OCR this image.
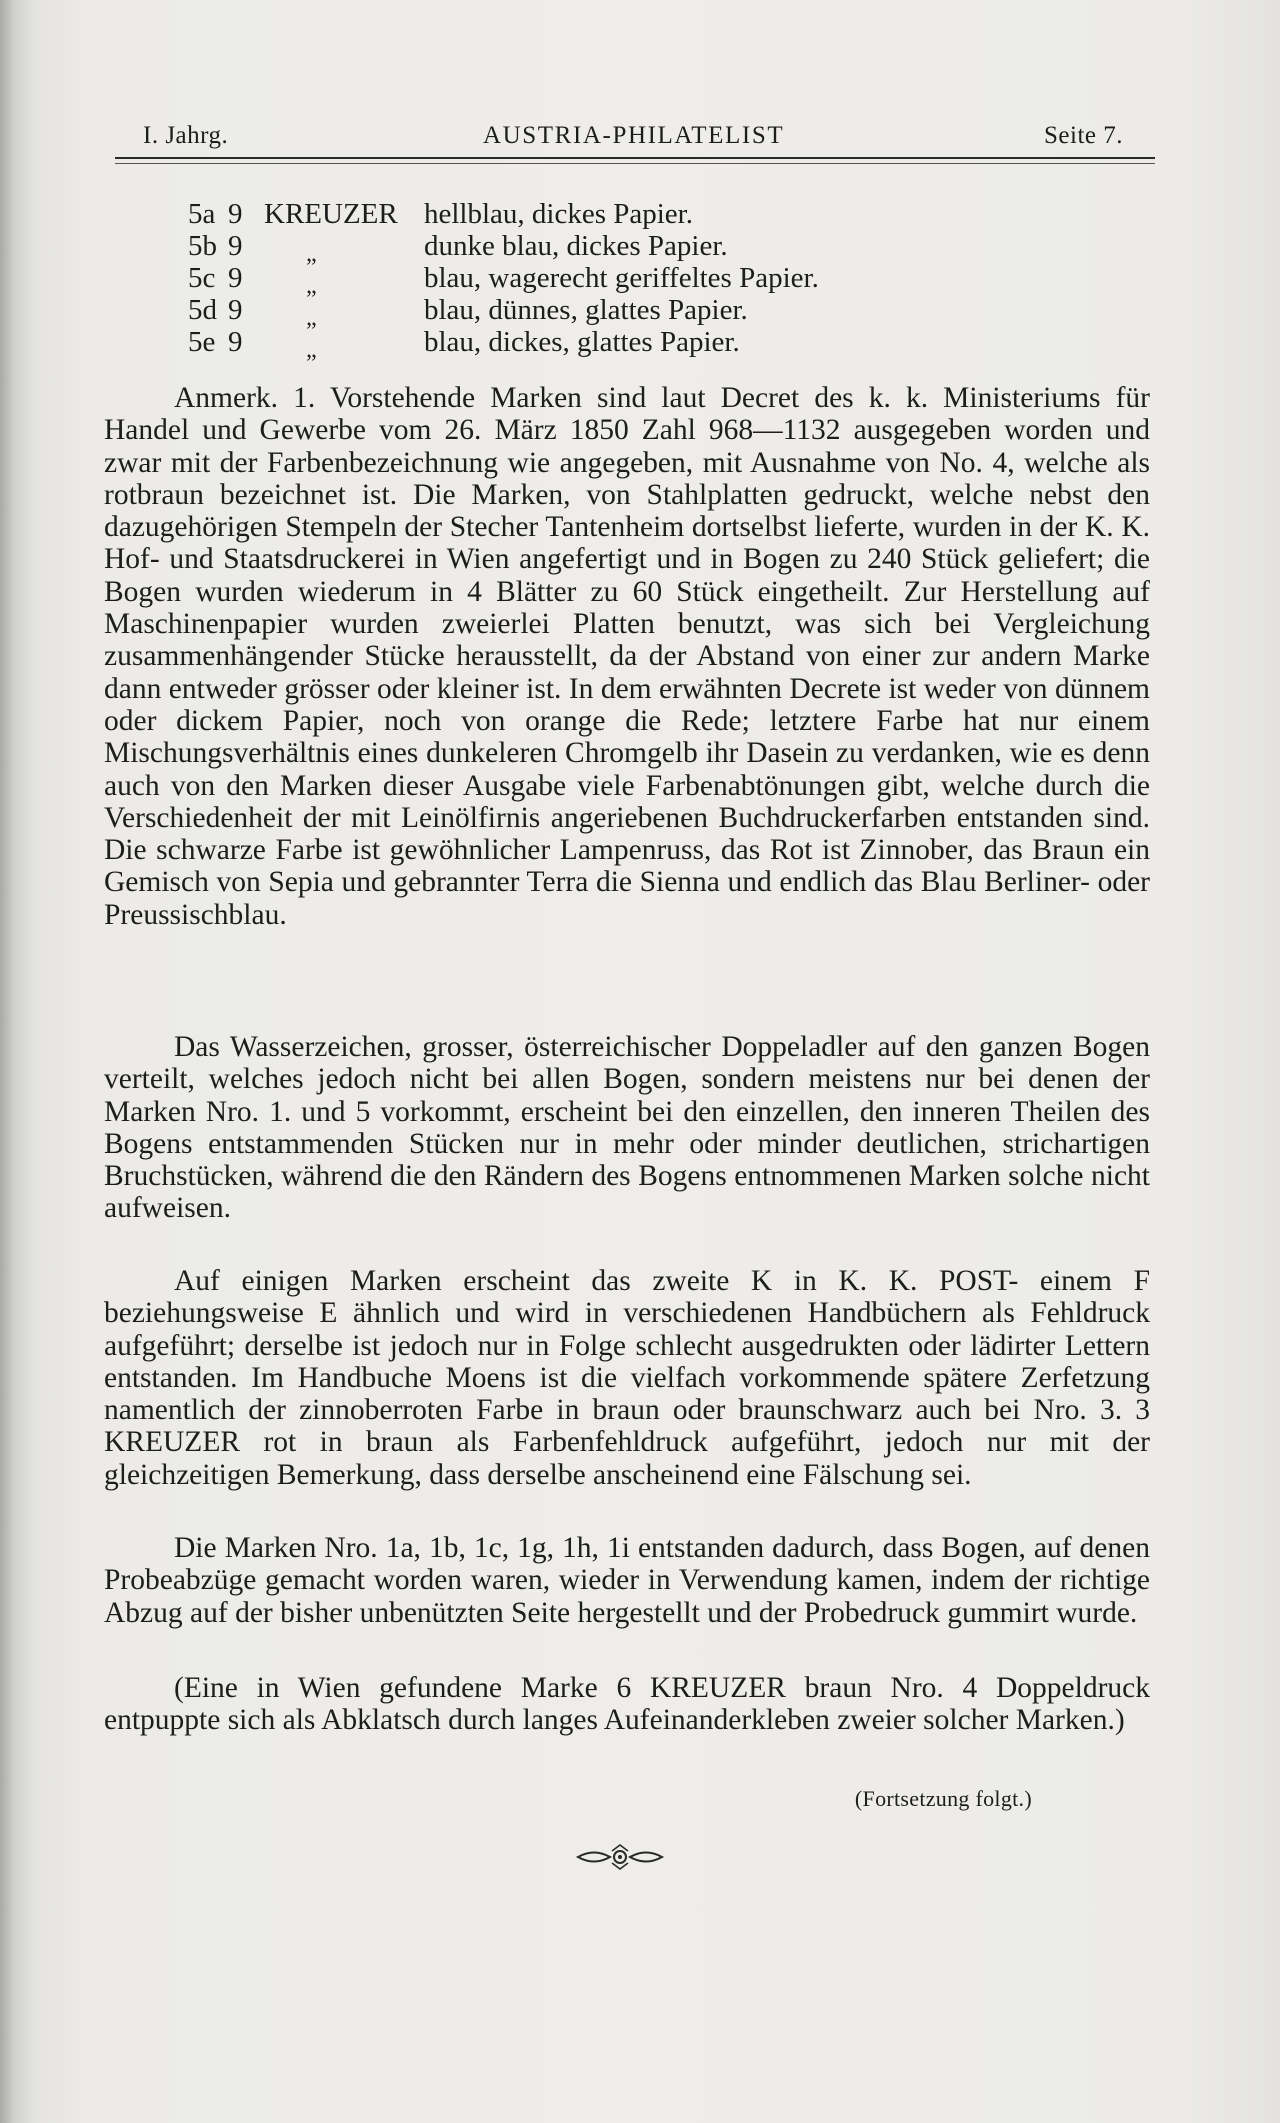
I. Jahrg.	AUSTRIA-PHILATELIST	Seite 7.
5a 9 KREUZER hellblau, dickes Papier.
5b 9	„	dunke blau, dickes Papier.
5c 9	„	blau, wagerecht geriffeltes Papier.
5d 9	„	blau, dünnes, glattes Papier.
5e 9	„	blau, dickes, glattes Papier.

Anmerk. 1. Vorstehende Marken sind laut Decret des k. k. Ministeriums für Handel und Gewerbe vom 26. März 1850 Zahl 968—1132 ausgegeben worden und zwar mit der Farbenbezeichnung wie angegeben, mit Ausnahme von No. 4, welche als rotbraun bezeichnet ist. Die Marken, von Stahlplatten gedruckt, welche nebst den dazugehörigen Stempeln der Stecher Tantenheim dortselbst lieferte, wurden in der K. K. Hof- und Staatsdruckerei in Wien angefertigt und in Bogen zu 240 Stück geliefert; die Bogen wurden wiederum in 4 Blätter zu 60 Stück eingetheilt. Zur Herstellung auf Maschinenpapier wurden zweierlei Platten benutzt, was sich bei Vergleichung zusammenhängender Stücke herausstellt, da der Abstand von einer zur andern Marke dann entweder grösser oder kleiner ist. In dem erwähnten Decrete ist weder von dünnem oder dickem Papier, noch von orange die Rede; letztere Farbe hat nur einem Mischungsverhältnis eines dunkeleren Chromgelb ihr Dasein zu verdanken, wie es denn auch von den Marken dieser Ausgabe viele Farbenabtönungen gibt, welche durch die Verschiedenheit der mit Leinölfirnis angeriebenen Buchdruckerfarben entstanden sind. Die schwarze Farbe ist gewöhnlicher Lampenruss, das Rot ist Zinnober, das Braun ein Gemisch von Sepia und gebrannter Terra die Sienna und endlich das Blau Berliner- oder Preussischblau.

Das Wasserzeichen, grosser, österreichischer Doppeladler auf den ganzen Bogen verteilt, welches jedoch nicht bei allen Bogen, sondern meistens nur bei denen der Marken Nro. 1. und 5 vorkommt, erscheint bei den einzellen, den inneren Theilen des Bogens entstammenden Stücken nur in mehr oder minder deutlichen, strichartigen Bruchstücken, während die den Rändern des Bogens entnommenen Marken solche nicht aufweisen.

Auf einigen Marken erscheint das zweite K in K. K. POST- einem F beziehungsweise E ähnlich und wird in verschiedenen Handbüchern als Fehldruck aufgeführt; derselbe ist jedoch nur in Folge schlecht ausgedrukten oder lädirter Lettern entstanden. Im Handbuche Moens ist die vielfach vorkommende spätere Zerfetzung namentlich der zinnoberroten Farbe in braun oder braunschwarz auch bei Nro. 3. 3 KREUZER rot in braun als Farbenfehldruck aufgeführt, jedoch nur mit der gleichzeitigen Bemerkung, dass derselbe anscheinend eine Fälschung sei.

Die Marken Nro. 1a, 1b, 1c, 1g, 1h, 1i entstanden dadurch, dass Bogen, auf denen Probeabzüge gemacht worden waren, wieder in Verwendung kamen, indem der richtige Abzug auf der bisher unbenützten Seite hergestellt und der Probedruck gummirt wurde.

(Eine in Wien gefundene Marke 6 KREUZER braun Nro. 4 Doppeldruck entpuppte sich als Abklatsch durch langes Aufeinanderkleben zweier solcher Marken.)

(Fortsetzung folgt.)
